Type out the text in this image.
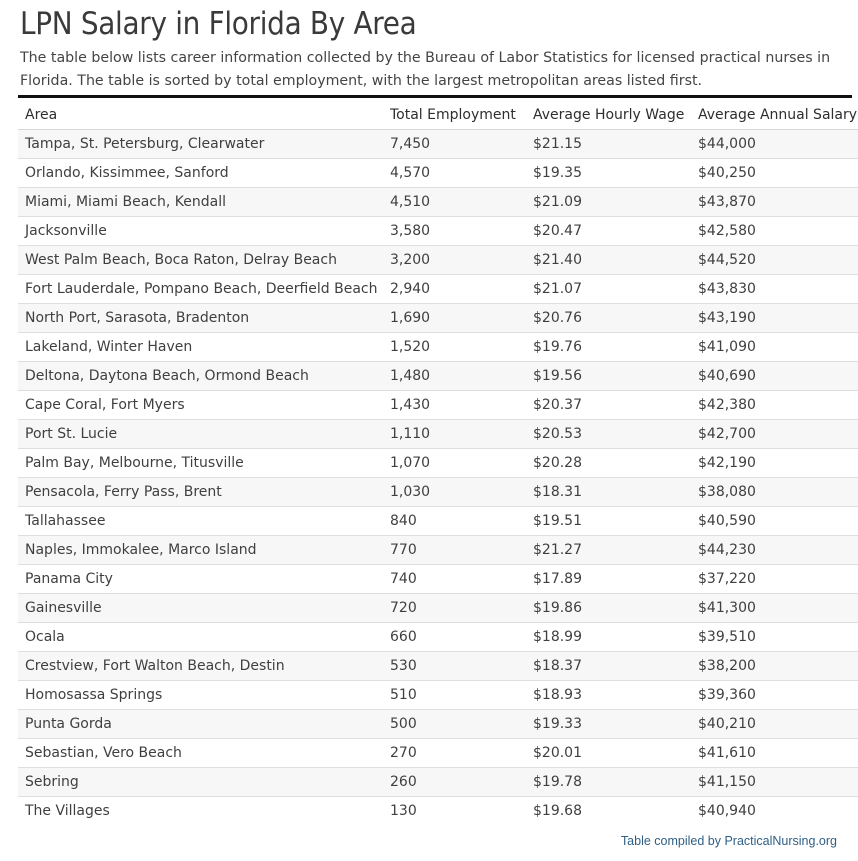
LPN Salary in Florida By Area

The table below lists career information collected by the Bureau of Labor Statistics for licensed practical nurses in Florida. The table is sorted by total employment, with the largest metropolitan areas listed first.

Area	Total Employment	Average Hourly Wage	Average Annual Salary
Tampa, St. Petersburg, Clearwater	7,450	$21.15	$44,000
Orlando, Kissimmee, Sanford	4,570	$19.35	$40,250
Miami, Miami Beach, Kendall	4,510	$21.09	$43,870
Jacksonville	3,580	$20.47	$42,580
West Palm Beach, Boca Raton, Delray Beach	3,200	$21.40	$44,520
Fort Lauderdale, Pompano Beach, Deerfield Beach	2,940	$21.07	$43,830
North Port, Sarasota, Bradenton	1,690	$20.76	$43,190
Lakeland, Winter Haven	1,520	$19.76	$41,090
Deltona, Daytona Beach, Ormond Beach	1,480	$19.56	$40,690
Cape Coral, Fort Myers	1,430	$20.37	$42,380
Port St. Lucie	1,110	$20.53	$42,700
Palm Bay, Melbourne, Titusville	1,070	$20.28	$42,190
Pensacola, Ferry Pass, Brent	1,030	$18.31	$38,080
Tallahassee	840	$19.51	$40,590
Naples, Immokalee, Marco Island	770	$21.27	$44,230
Panama City	740	$17.89	$37,220
Gainesville	720	$19.86	$41,300
Ocala	660	$18.99	$39,510
Crestview, Fort Walton Beach, Destin	530	$18.37	$38,200
Homosassa Springs	510	$18.93	$39,360
Punta Gorda	500	$19.33	$40,210
Sebastian, Vero Beach	270	$20.01	$41,610
Sebring	260	$19.78	$41,150
The Villages	130	$19.68	$40,940
Table compiled by PracticalNursing.org
